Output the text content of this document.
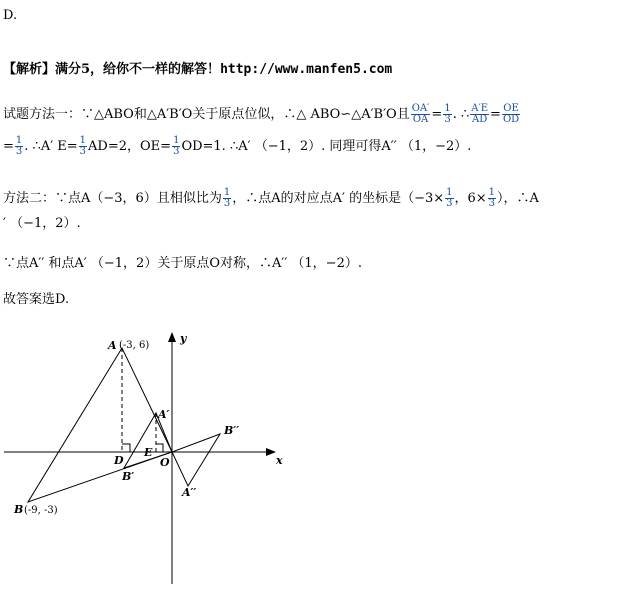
D.
【解析】满分5，给你不一样的解答！http://www.manfen5.com
试题方法一：∵△ABO和△A′B′O关于原点位似，∴△ ABO∽△A′B′O且 $\frac{OA'}{OA} = \frac{1}{3}$ . ∴ $\frac{A'E}{AD} = \frac{OE}{OD}$
= $\frac{1}{3}$ . ∴A′ $E= \frac{1}{3} AD=2$，$OE= \frac{1}{3} OD=1$. ∴A′ （−1，2）. 同理可得A′′ （1，−2）.
方法二：∵点A（−3，6）且相似比为 $\frac{1}{3}$ ，∴点A的对应点A′ 的坐标是（$-3\times \frac{1}{3}$ ，$6\times \frac{1}{3}$ ），∴A
′ （−1，2）.
∵点A′′ 和点A′ （−1，2）关于原点O对称，∴A′′ （1，−2）.
故答案选D.
A (-3, 6)
B (-9, -3)
A′
B′
A′′
B′′
D
E
O	x
y
